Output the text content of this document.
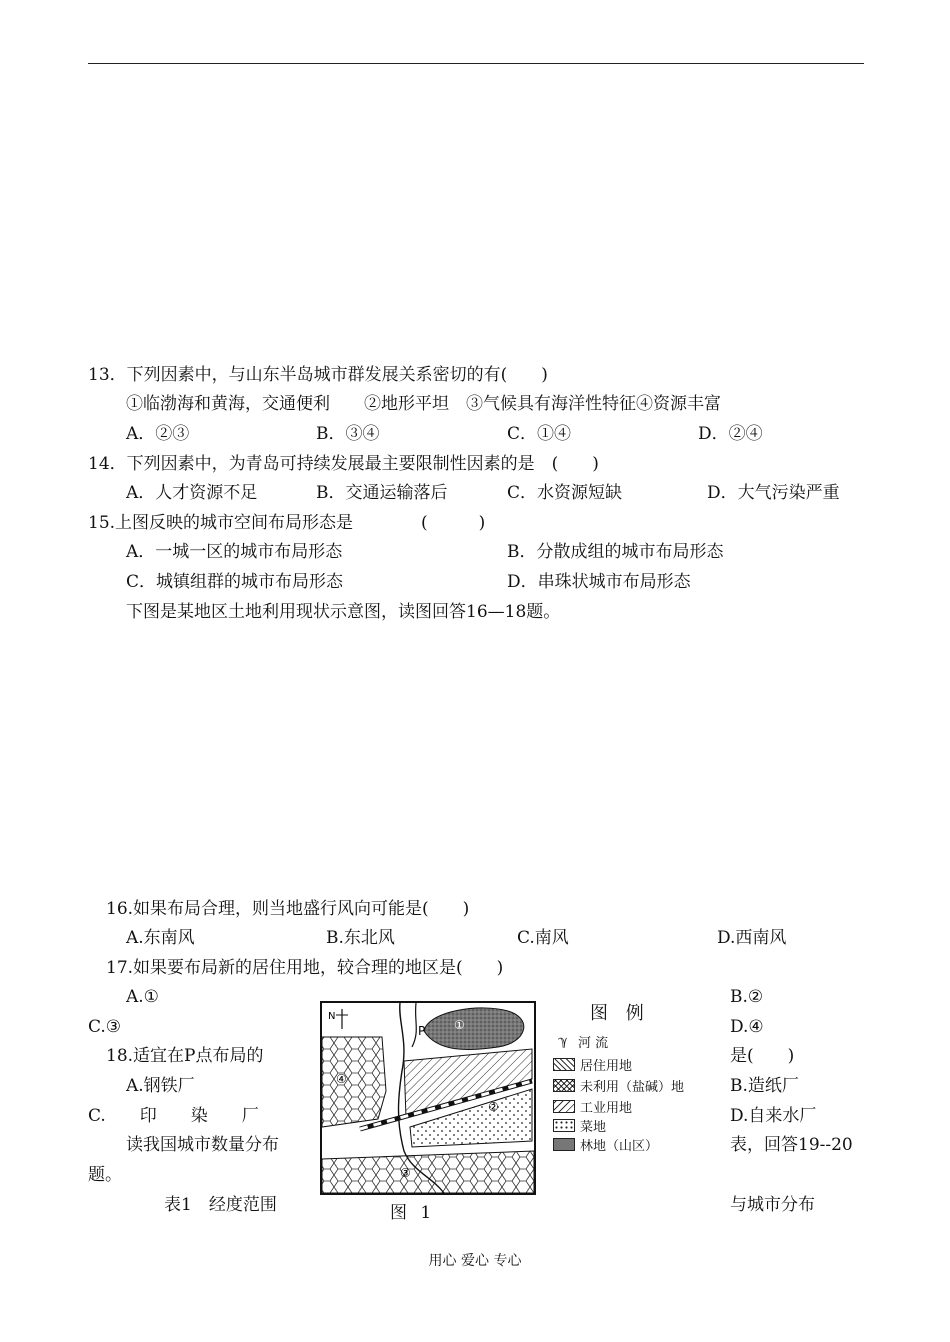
13．下列因素中，与山东半岛城市群发展关系密切的有(　　)
①临渤海和黄海，交通便利　　②地形平坦　③气候具有海洋性特征④资源丰富
A．②③	B．③④	C．①④	D．②④
14．下列因素中，为青岛可持续发展最主要限制性因素的是　(　　)
A．人才资源不足	B．交通运输落后	C．水资源短缺	D．大气污染严重
15.上图反映的城市空间布局形态是　　　　(　　　)
A．一城一区的城市布局形态	B．分散成组的城市布局形态
C．城镇组群的城市布局形态	D．串珠状城市布局形态
下图是某地区土地利用现状示意图，读图回答16—18题。
16.如果布局合理，则当地盛行风向可能是(　　)
A.东南风	B.东北风	C.南风	D.西南风
17.如果要布局新的居住用地，较合理的地区是(　　)
A.①	B.②
C.③	D.④
18.适宜在P点布局的	是(　　)
A.钢铁厂	B.造纸厂
C.　　印　　染　　厂	D.自来水厂
读我国城市数量分布	表，回答19--20
题。
表1　经度范围	与城市分布
N
P ①
②
③
④
图 例
ℽ 河 流
居住用地
未利用（盐碱）地
工业用地
菜地
林地（山区）
图 1
用心 爱心 专心
